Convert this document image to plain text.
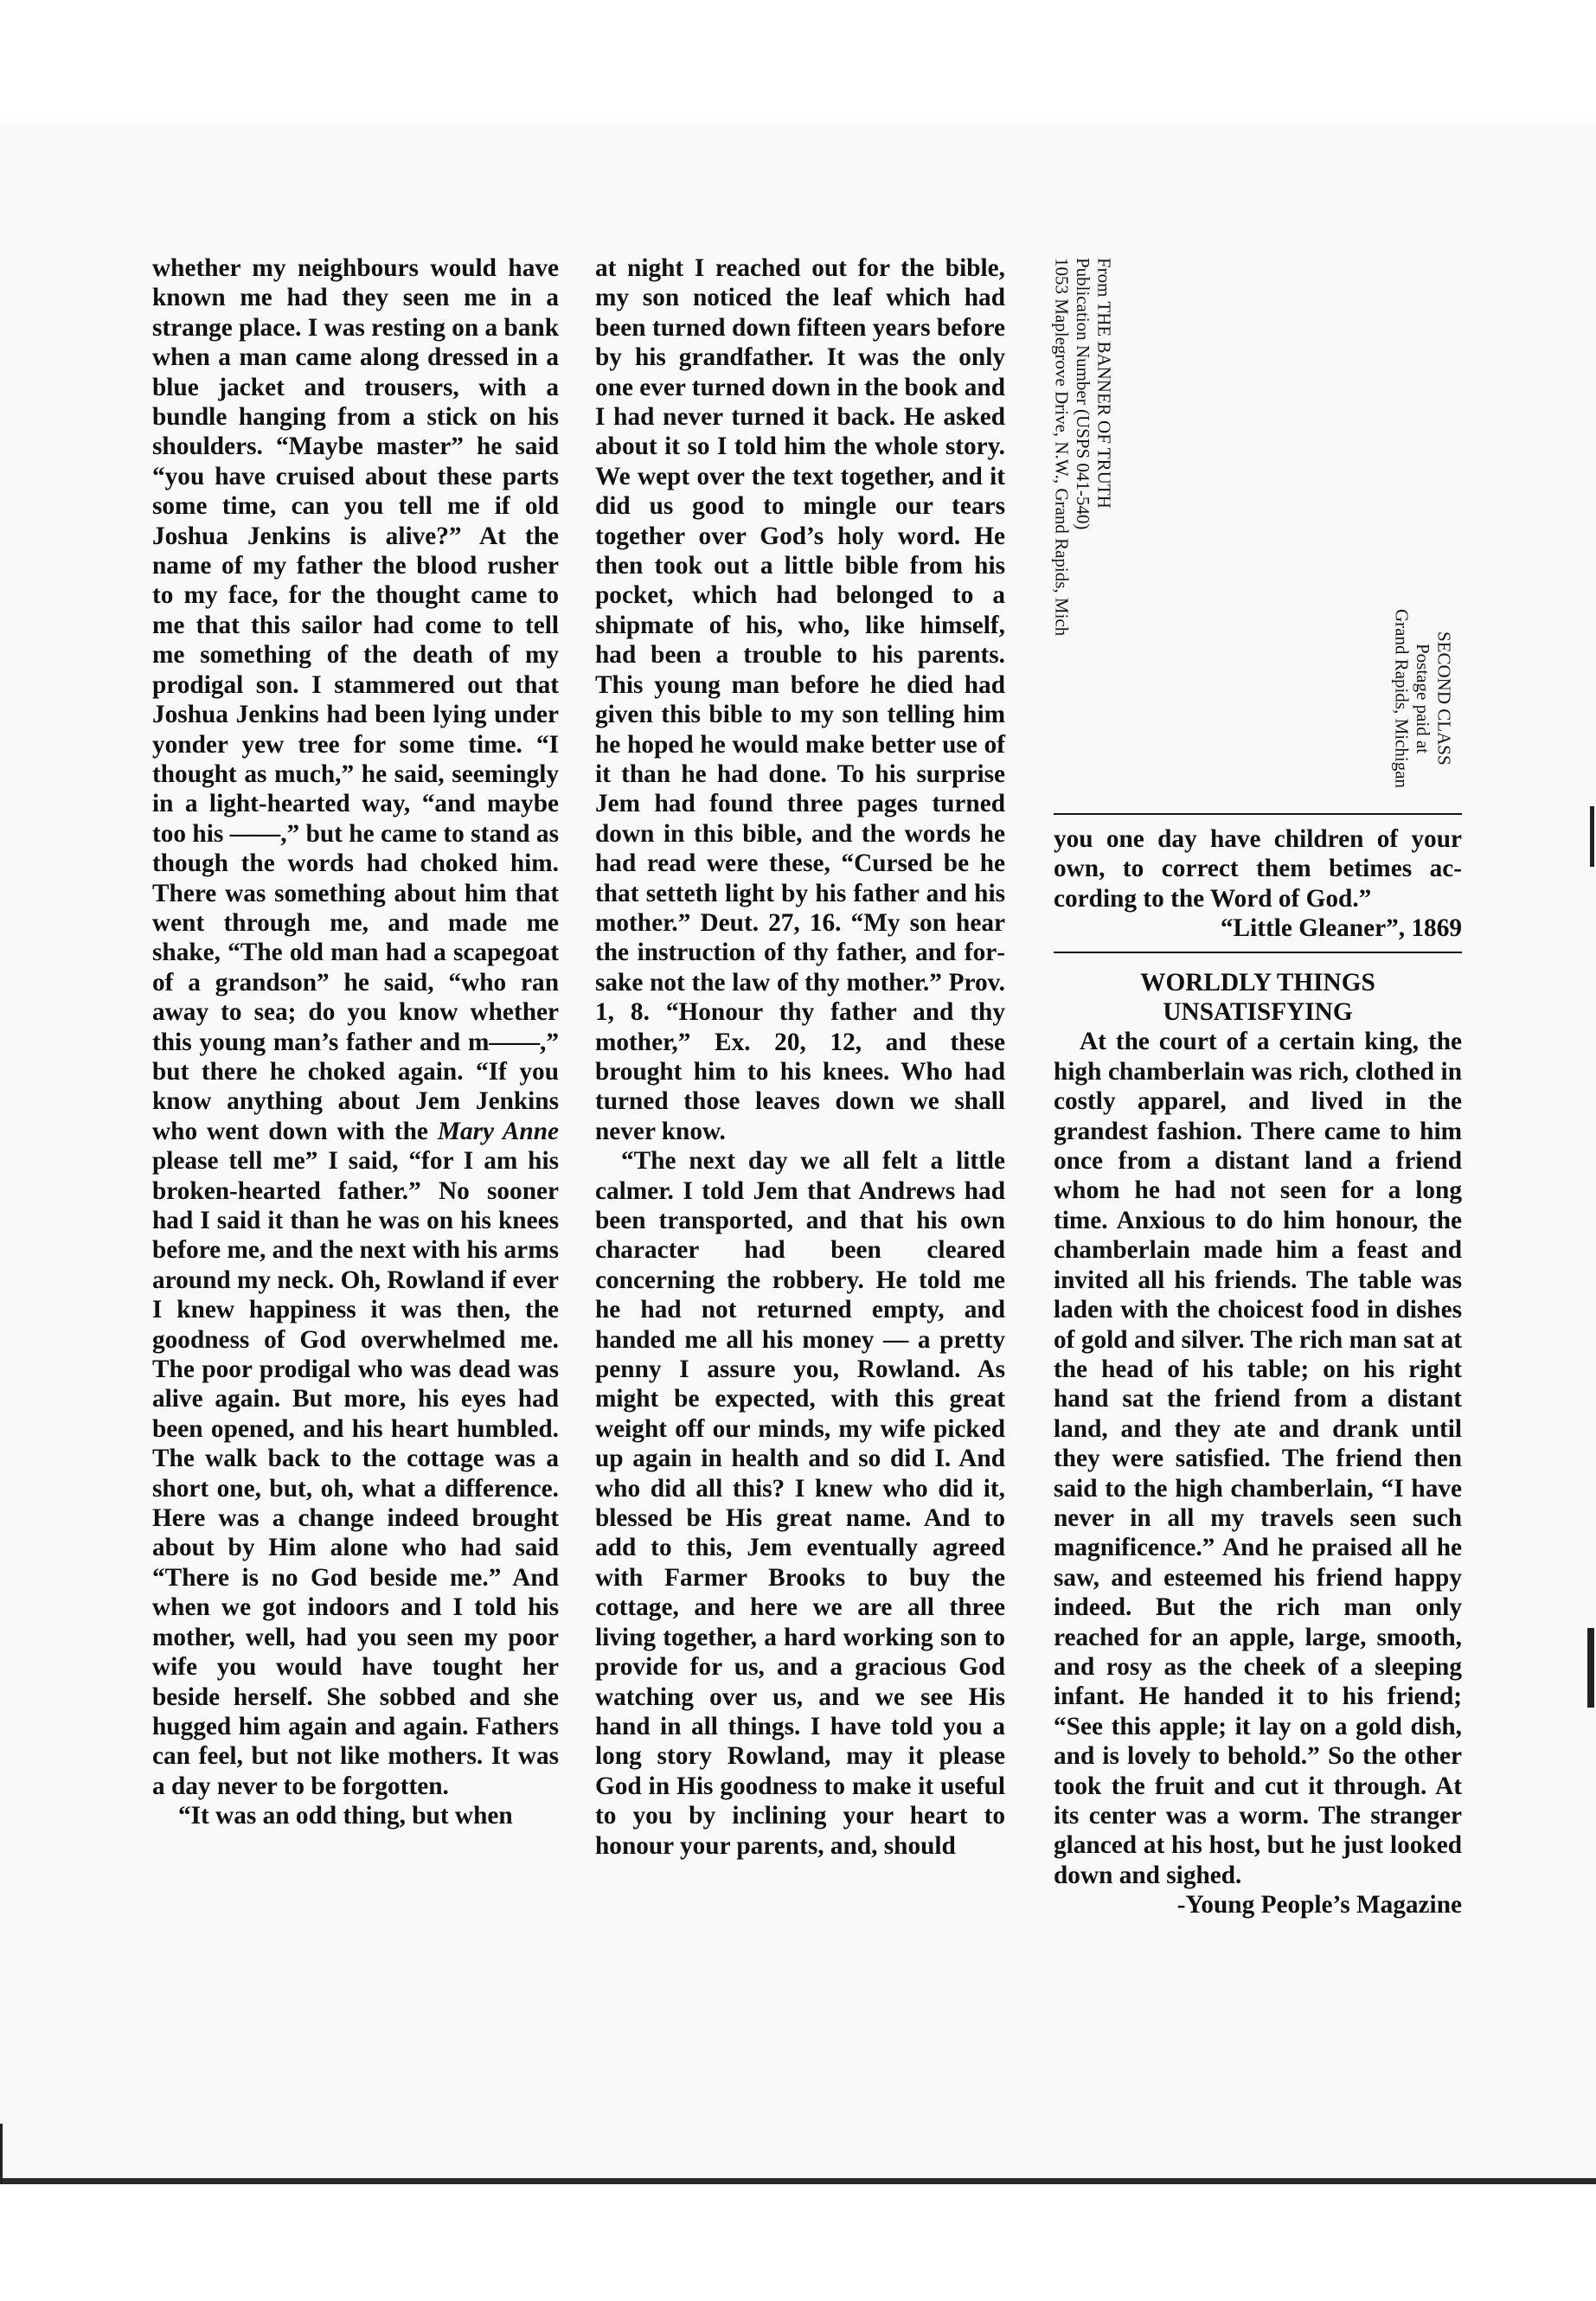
whether my neighbours would have known me had they seen me in a strange place. I was resting on a bank when a man came along dressed in a blue jacket and trousers, with a bundle hanging from a stick on his shoulders. “Maybe master” he said “you have cruised about these parts some time, can you tell me if old Joshua Jenkins is alive?” At the name of my father the blood rusher to my face, for the thought came to me that this sailor had come to tell me something of the death of my prodigal son. I stammered out that Joshua Jenkins had been lying under yonder yew tree for some time. “I thought as much,” he said, seemingly in a light-hearted way, “and maybe too his ——,” but he came to stand as though the words had choked him. There was something about him that went through me, and made me shake, “The old man had a scapegoat of a grandson” he said, “who ran away to sea; do you know whether this young man’s father and m——,” but there he choked again. “If you know anything about Jem Jenkins who went down with the Mary Anne please tell me” I said, “for I am his broken-hearted father.” No sooner had I said it than he was on his knees before me, and the next with his arms around my neck. Oh, Rowland if ever I knew happiness it was then, the goodness of God overwhelmed me. The poor prodigal who was dead was alive again. But more, his eyes had been opened, and his heart humbled. The walk back to the cottage was a short one, but, oh, what a difference. Here was a change indeed brought about by Him alone who had said “There is no God beside me.” And when we got indoors and I told his mother, well, had you seen my poor wife you would have tought her beside herself. She sobbed and she hugged him again and again. Fathers can feel, but not like mothers. It was a day never to be forgotten.

“It was an odd thing, but when

at night I reached out for the bible, my son noticed the leaf which had been turned down fifteen years before by his grandfather. It was the only one ever turned down in the book and I had never turned it back. He asked about it so I told him the whole story. We wept over the text together, and it did us good to mingle our tears together over God’s holy word. He then took out a little bible from his pocket, which had belonged to a shipmate of his, who, like himself, had been a trouble to his parents. This young man before he died had given this bible to my son telling him he hoped he would make better use of it than he had done. To his surprise Jem had found three pages turned down in this bible, and the words he had read were these, “Cursed be he that setteth light by his father and his mother.” Deut. 27, 16. “My son hear the instruction of thy father, and forsake not the law of thy mother.” Prov. 1, 8. “Honour thy father and thy mother,” Ex. 20, 12, and these brought him to his knees. Who had turned those leaves down we shall never know.

“The next day we all felt a little calmer. I told Jem that Andrews had been transported, and that his own character had been cleared concerning the robbery. He told me he had not returned empty, and handed me all his money — a pretty penny I assure you, Rowland. As might be expected, with this great weight off our minds, my wife picked up again in health and so did I. And who did all this? I knew who did it, blessed be His great name. And to add to this, Jem eventually agreed with Farmer Brooks to buy the cottage, and here we are all three living together, a hard working son to provide for us, and a gracious God watching over us, and we see His hand in all things. I have told you a long story Rowland, may it please God in His goodness to make it useful to you by inclining your heart to honour your parents, and, should

From THE BANNER OF TRUTH
Publication Number (USPS 041-540)
1053 Maplegrove Drive, N.W., Grand Rapids, Mich
SECOND CLASS
Postage paid at
Grand Rapids, Michigan

you one day have children of your own, to correct them betimes according to the Word of God.”

“Little Gleaner”, 1869

WORLDLY THINGS

UNSATISFYING

At the court of a certain king, the high chamberlain was rich, clothed in costly apparel, and lived in the grandest fashion. There came to him once from a distant land a friend whom he had not seen for a long time. Anxious to do him honour, the chamberlain made him a feast and invited all his friends. The table was laden with the choicest food in dishes of gold and silver. The rich man sat at the head of his table; on his right hand sat the friend from a distant land, and they ate and drank until they were satisfied. The friend then said to the high chamberlain, “I have never in all my travels seen such magnificence.” And he praised all he saw, and esteemed his friend happy indeed. But the rich man only reached for an apple, large, smooth, and rosy as the cheek of a sleeping infant. He handed it to his friend; “See this apple; it lay on a gold dish, and is lovely to behold.” So the other took the fruit and cut it through. At its center was a worm. The stranger glanced at his host, but he just looked down and sighed.

-Young People’s Magazine
